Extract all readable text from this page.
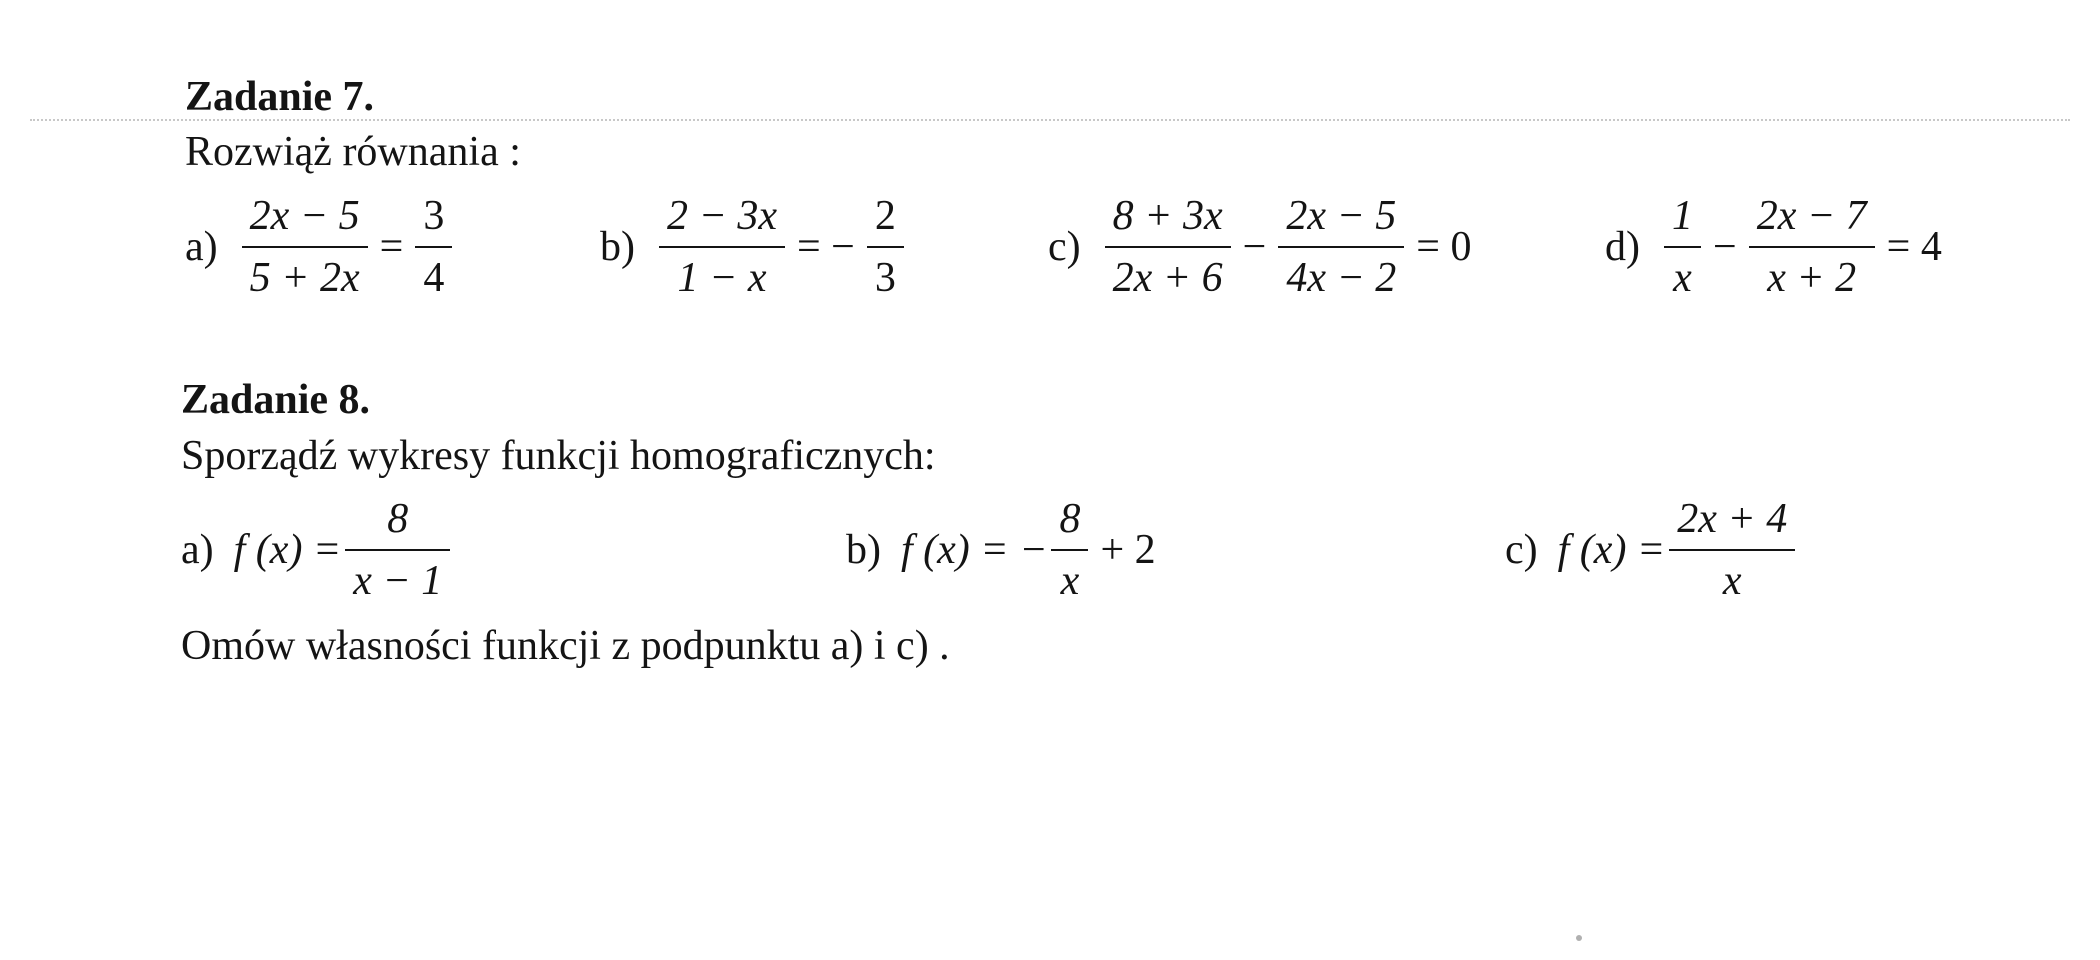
Zadanie 7.
Rozwiąż równania :
$a) \frac{2x - 5}{5 + 2x} = \frac{3}{4}$	$b) \frac{2 - 3x}{1 - x}$ = − $\frac{2}{3}$	$c) \frac{8 + 3x}{2x + 6} - \frac{2x - 5}{4x - 2} = 0$	$d) \frac{1}{x} - \frac{2x - 7}{x + 2} = 4$
Zadanie 8.
Sporządź wykresy funkcji homograficznych:
a) f $(x) = \frac{8}{x - 1}$	b) f (x) = − $\frac{8}{x} + 2$	c) f $(x) = \frac{2x + 4}{x}$
Omów własności funkcji z podpunktu a) i c) .
